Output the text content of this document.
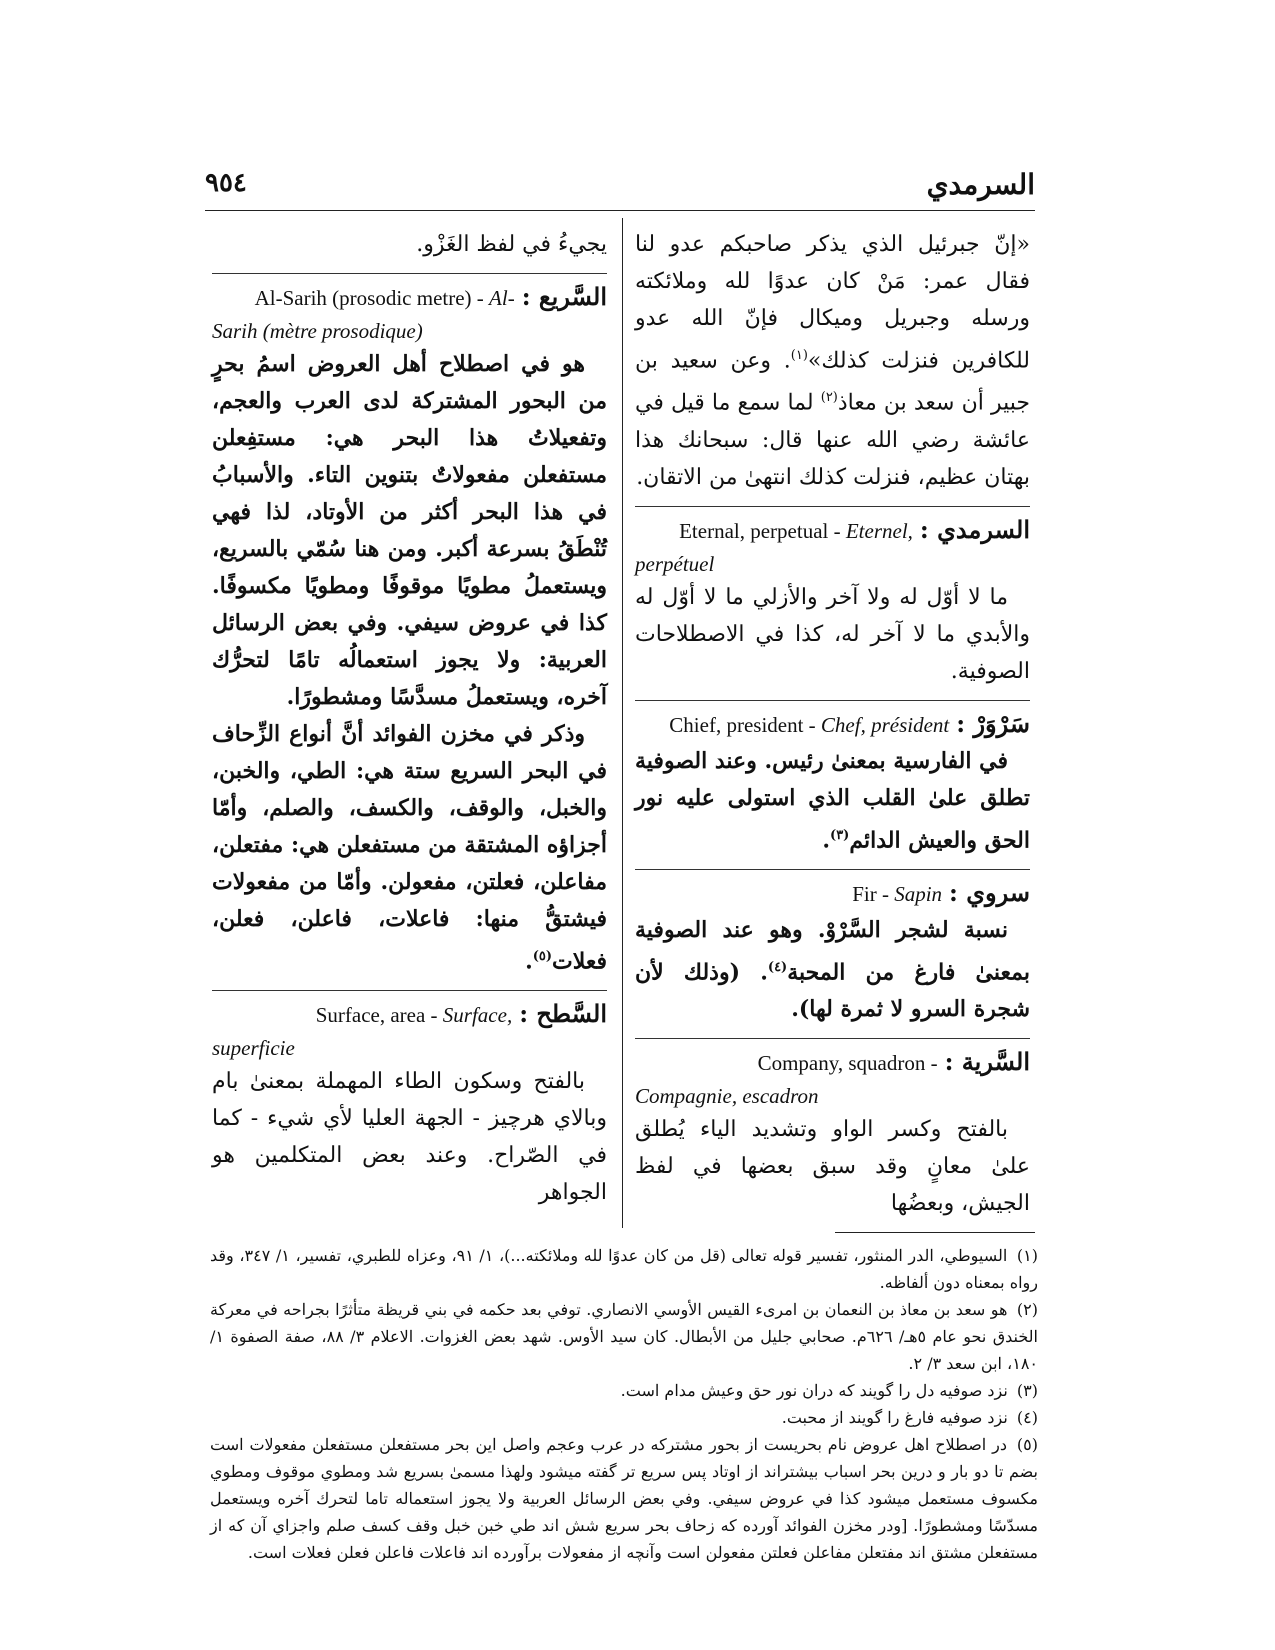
السرمدي
٩٥٤

«إنّ جبرئيل الذي يذكر صاحبكم عدو لنا فقال عمر: مَنْ كان عدوًا لله وملائكته ورسله وجبريل وميكال فإنّ الله عدو للكافرين فنزلت كذلك»$^{(١)}$. وعن سعيد بن جبير أن سعد بن معاذ$^{(٢)}$ لما سمع ما قيل في عائشة رضي الله عنها قال: سبحانك هذا بهتان عظيم، فنزلت كذلك انتهىٰ من الاتقان.

السرمدي : Eternal, perpetual - Eternel,
perpétuel

ما لا أوّل له ولا آخر والأزلي ما لا أوّل له والأبدي ما لا آخر له، كذا في الاصطلاحات الصوفية.

سَرْوَرْ : Chief, president - Chef, président

في الفارسية بمعنىٰ رئيس. وعند الصوفية تطلق علىٰ القلب الذي استولى عليه نور الحق والعيش الدائم$^{(٣)}$.

سروي : Fir - Sapin

نسبة لشجر السَّرْوْ. وهو عند الصوفية بمعنىٰ فارغ من المحبة$^{(٤)}$. (وذلك لأن شجرة السرو لا ثمرة لها).

السَّرية : Company, squadron -
Compagnie, escadron

بالفتح وكسر الواو وتشديد الياء يُطلق علىٰ معانٍ وقد سبق بعضها في لفظ الجيش، وبعضُها

يجيءُ في لفظ الغَزْو.

السَّريع : Al-Sarih (prosodic metre) - Al-
Sarih (mètre prosodique)

هو في اصطلاح أهل العروض اسمُ بحرٍ من البحور المشتركة لدى العرب والعجم، وتفعيلاتُ هذا البحر هي: مستفِعلن مستفعلن مفعولاتٌ بتنوين التاء. والأسبابُ في هذا البحر أكثر من الأوتاد، لذا فهي تُنْطَقُ بسرعة أكبر. ومن هنا سُمّي بالسريع، ويستعملُ مطويًا موقوفًا ومطويًا مكسوفًا. كذا في عروض سيفي. وفي بعض الرسائل العربية: ولا يجوز استعمالُه تامًا لتحرُّك آخره، ويستعملُ مسدَّسًا ومشطورًا.

وذكر في مخزن الفوائد أنَّ أنواع الزِّحاف في البحر السريع ستة هي: الطي، والخبن، والخبل، والوقف، والكسف، والصلم، وأمّا أجزاؤه المشتقة من مستفعلن هي: مفتعلن، مفاعلن، فعلتن، مفعولن. وأمّا من مفعولات فيشتقُّ منها: فاعلات، فاعلن، فعلن، فعلات$^{(٥)}$.

السَّطح : Surface, area - Surface,
superficie

بالفتح وسكون الطاء المهملة بمعنىٰ بام وبالاي هرچيز - الجهة العليا لأي شيء - كما في الصّراح. وعند بعض المتكلمين هو الجواهر

(١) السيوطي، الدر المنثور، تفسير قوله تعالى (قل من كان عدوًا لله وملائكته...)، ١/ ٩١، وعزاه للطبري، تفسير، ١/ ٣٤٧، وقد رواه بمعناه دون ألفاظه.

(٢) هو سعد بن معاذ بن النعمان بن امرىء القيس الأوسي الانصاري. توفي بعد حكمه في بني قريظة متأثرًا بجراحه في معركة الخندق نحو عام ٥هـ/ ٦٢٦م. صحابي جليل من الأبطال. كان سيد الأوس. شهد بعض الغزوات. الاعلام ٣/ ٨٨، صفة الصفوة ١/ ١٨٠، ابن سعد ٣/ ٢.

(٣) نزد صوفيه دل را گويند كه دران نور حق وعيش مدام است.

(٤) نزد صوفيه فارغ را گويند از محبت.

(٥) در اصطلاح اهل عروض نام بحريست از بحور مشتركه در عرب وعجم واصل اين بحر مستفعلن مستفعلن مفعولات است بضم تا دو بار و درين بحر اسباب بيشتراند از اوتاد پس سريع تر گفته ميشود ولهذا مسمىٰ بسريع شد ومطوي موقوف ومطوي مكسوف مستعمل ميشود كذا في عروض سيفي. وفي بعض الرسائل العربية ولا يجوز استعماله تاما لتحرك آخره ويستعمل مسدّسًا ومشطورًا. [ودر مخزن الفوائد آورده كه زحاف بحر سريع شش اند طي خبن خبل وقف كسف صلم واجزاي آن كه از مستفعلن مشتق اند مفتعلن مفاعلن فعلتن مفعولن است وآنچه از مفعولات برآورده اند فاعلات فاعلن فعلن فعلات است.
